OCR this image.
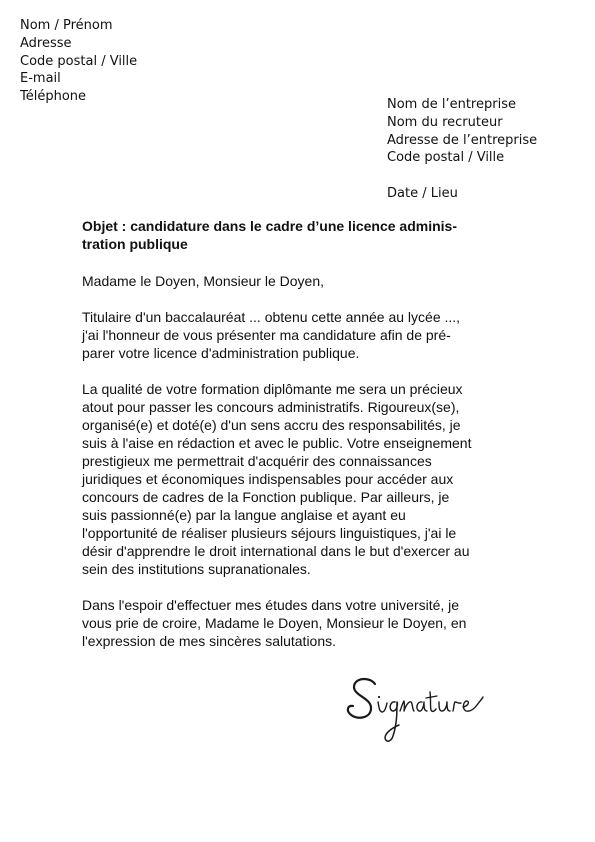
Nom / Prénom
Adresse
Code postal / Ville
E-mail
Téléphone
Nom de l’entreprise
Nom du recruteur
Adresse de l’entreprise
Code postal / Ville
Date / Lieu
Objet : candidature dans le cadre d’une licence adminis-
tration publique
Madame le Doyen, Monsieur le Doyen,
Titulaire d'un baccalauréat ... obtenu cette année au lycée ...,
j'ai l'honneur de vous présenter ma candidature afin de pré-
parer votre licence d'administration publique.
La qualité de votre formation diplômante me sera un précieux
atout pour passer les concours administratifs. Rigoureux(se),
organisé(e) et doté(e) d'un sens accru des responsabilités, je
suis à l'aise en rédaction et avec le public. Votre enseignement
prestigieux me permettrait d'acquérir des connaissances
juridiques et économiques indispensables pour accéder aux
concours de cadres de la Fonction publique. Par ailleurs, je
suis passionné(e) par la langue anglaise et ayant eu
l'opportunité de réaliser plusieurs séjours linguistiques, j'ai le
désir d'apprendre le droit international dans le but d'exercer au
sein des institutions supranationales.
Dans l'espoir d'effectuer mes études dans votre université, je
vous prie de croire, Madame le Doyen, Monsieur le Doyen, en
l'expression de mes sincères salutations.
